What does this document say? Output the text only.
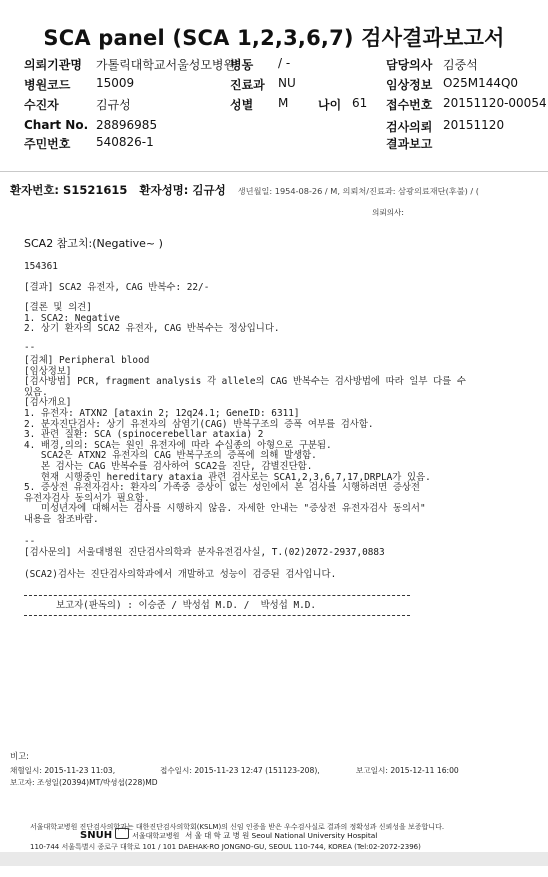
SCA panel (SCA 1,2,3,6,7) 검사결과보고서
의뢰기관명 가톨릭대학교서울성모병원
병동 / -	담당의사 김중석
병원코드 15009	진료과 NU	임상정보 O25M144Q0
수진자	김규성	성별 M 나이 61 접수번호 20151120-00054
Chart No. 28896985	검사의뢰 20151120
주민번호 540826-1	결과보고
환자번호: S1521615 환자성명: 김규성 생년월일: 1954-08-26 / M, 의뢰처/진료과: 삼광의료재단(후불) / (
의뢰의사:
SCA2 참고치:(Negative~ )
154361
[결과] SCA2 유전자, CAG 반복수: 22/-
[결론 및 의견]
1. SCA2: Negative
2. 상기 환자의 SCA2 유전자, CAG 반복수는 정상입니다.
--
[검체] Peripheral blood
[임상정보]
[검사방법] PCR, fragment analysis 각 allele의 CAG 반복수는 검사방법에 따라 일부 다를 수
있음.
[검사개요]
1. 유전자: ATXN2 [ataxin 2; 12q24.1; GeneID: 6311]
2. 분자진단검사: 상기 유전자의 삼염기(CAG) 반복구조의 증폭 여부를 검사함.
3. 관련 질환: SCA (spinocerebellar ataxia) 2
4. 배경,의의: SCA는 원인 유전자에 따라 수십종의 아형으로 구분됨.
SCA2은 ATXN2 유전자의 CAG 반복구조의 증폭에 의해 발생함.
본 검사는 CAG 반복수를 검사하여 SCA2을 진단, 감별진단함.
현재 시행중인 hereditary ataxia 관련 검사로는 SCA1,2,3,6,7,17,DRPLA가 있음.
5. 증상전 유전자검사: 환자의 가족중 증상이 없는 성인에서 본 검사를 시행하려면 증상전
유전자검사 동의서가 필요함.
미성년자에 대해서는 검사를 시행하지 않음. 자세한 안내는 "증상전 유전자검사 동의서"
내용을 참조바람.
--
[검사문의] 서울대병원 진단검사의학과 분자유전검사실, T.(02)2072-2937,0883
(SCA2)검사는 진단검사의학과에서 개발하고 성능이 검증된 검사입니다.
보고자(판독의) : 이승준 / 박성섭 M.D. /  박성섭 M.D.
비고:
채혈일시: 2015-11-23 11:03,	접수일시: 2015-11-23 12:47 (151123-208),	보고일시: 2015-12-11 16:00
보고자: 조셩일(20394)MT/박셩셥(228)MD
서울대학교병원 진단검사의학과는 대한진단검사의학회(KSLM)의 신임 인증을 받은 우수검사실로 결과의 정확성과 신뢰성을 보증합니다.
SNUH	서울대학교병원 서 울 대 학 교 병 원 Seoul National University Hospital
110-744 서울특별시 종로구 대학로 101 / 101 DAEHAK-RO JONGNO-GU, SEOUL 110-744, KOREA (Tel:02-2072-2396)
